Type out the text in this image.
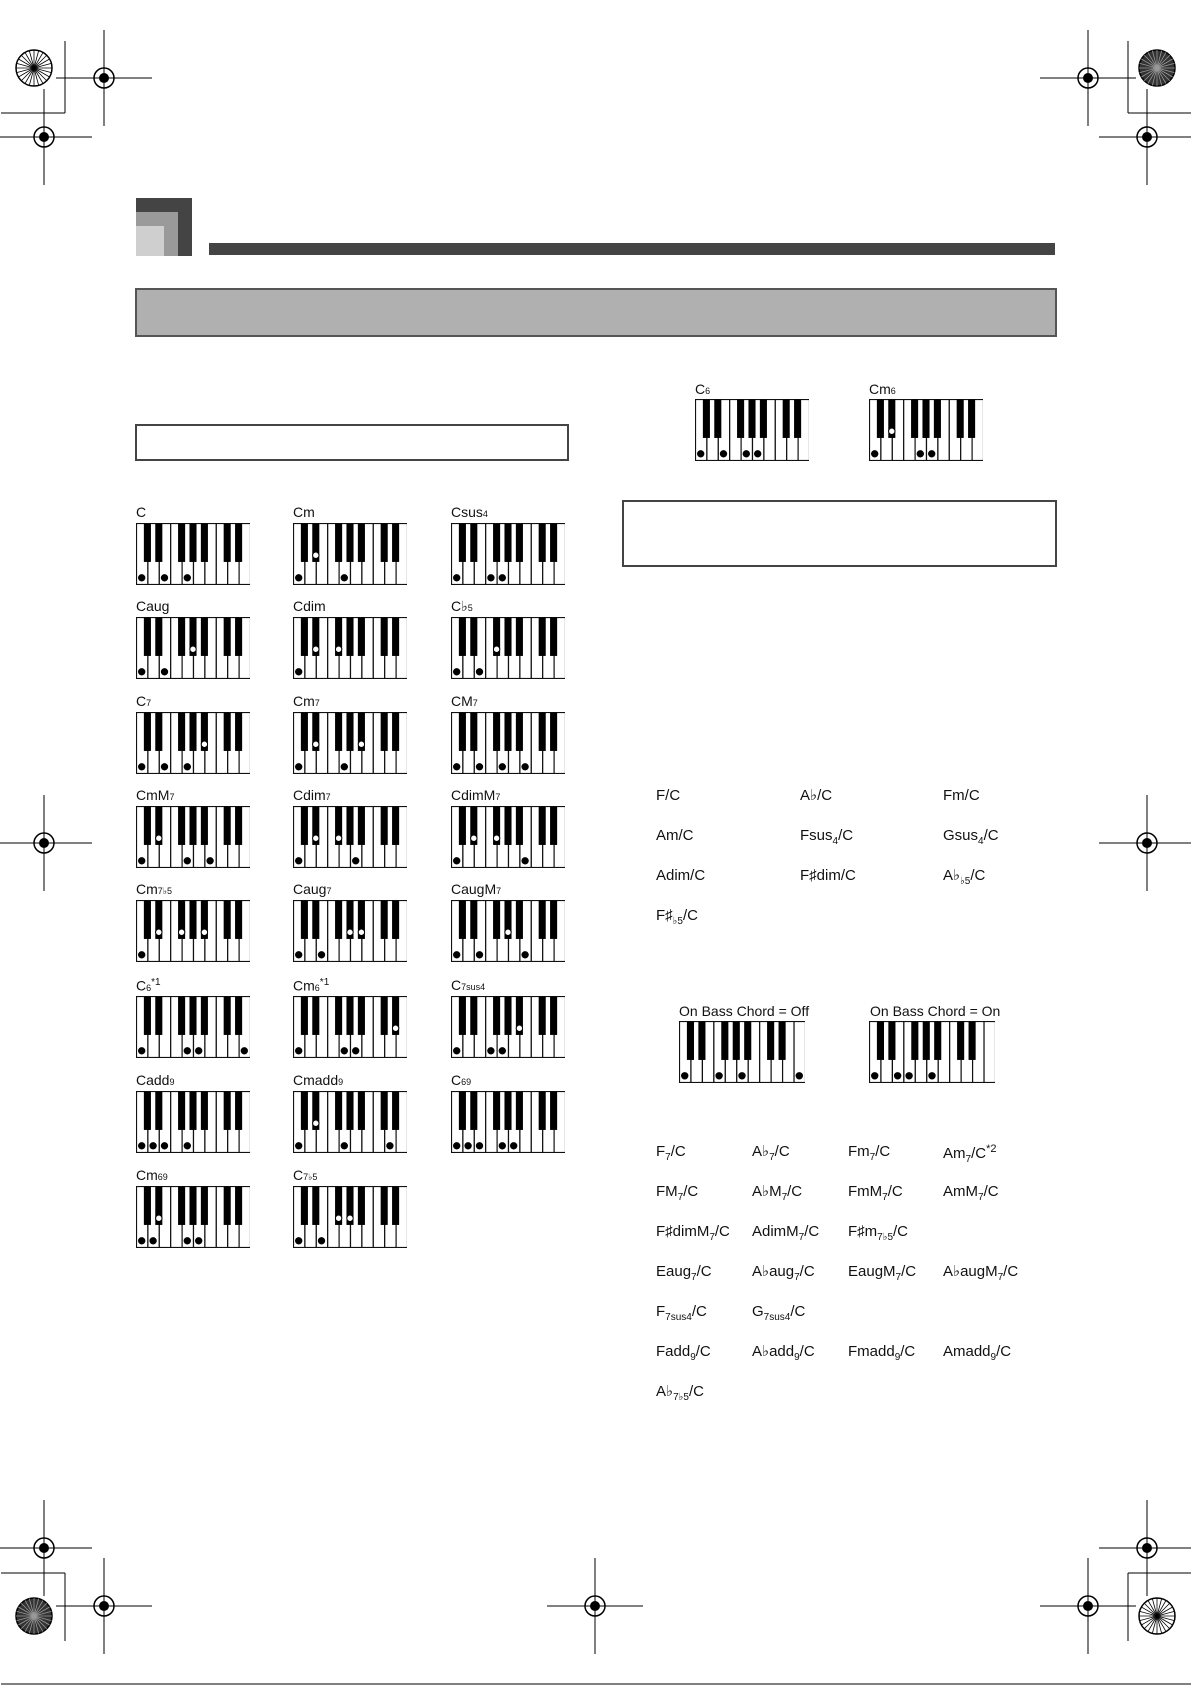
C	Cm	Csus4
Caug	Cdim	C♭5
C7	Cm7	CM7
CmM7	Cdim7	CdimM7
Cm7♭5	Caug7	CaugM7
C6$^{*1}$	Cm6$^{*1}$	C7sus4
Cadd9	Cmadd9	C69
Cm69	C7♭5
C6	Cm6
F/C	A♭/C	Fm/C
Am/C	Fsus$_4$/C	Gsus$_4$/C
Adim/C	F♯dim/C	$A♭_{♭5}/C$
$F♯_{♭5}/C$
$F_7/C$	$A♭_7/C$	$Fm_7/C$	$Am_7/C^{*2}$
$FM_7/C$	$A♭M_7/C$	FmM$_7$/C	AmM$_7$/C
F♯dimM$_7$/C AdimM$_7$/C $F♯m_{7♭5}/C$
Eaug$_7$/C	A♭aug$_7$/C EaugM$_7$/C A♭augM$_7$/C
$F_{7sus4}/C$	$G_{7sus4}/C$
Fadd$_9$/C	A♭add$_9$/C Fmadd$_9$/C Amadd$_9$/C
$A♭_{7♭5}/C$
On Bass Chord = Off	On Bass Chord = On
